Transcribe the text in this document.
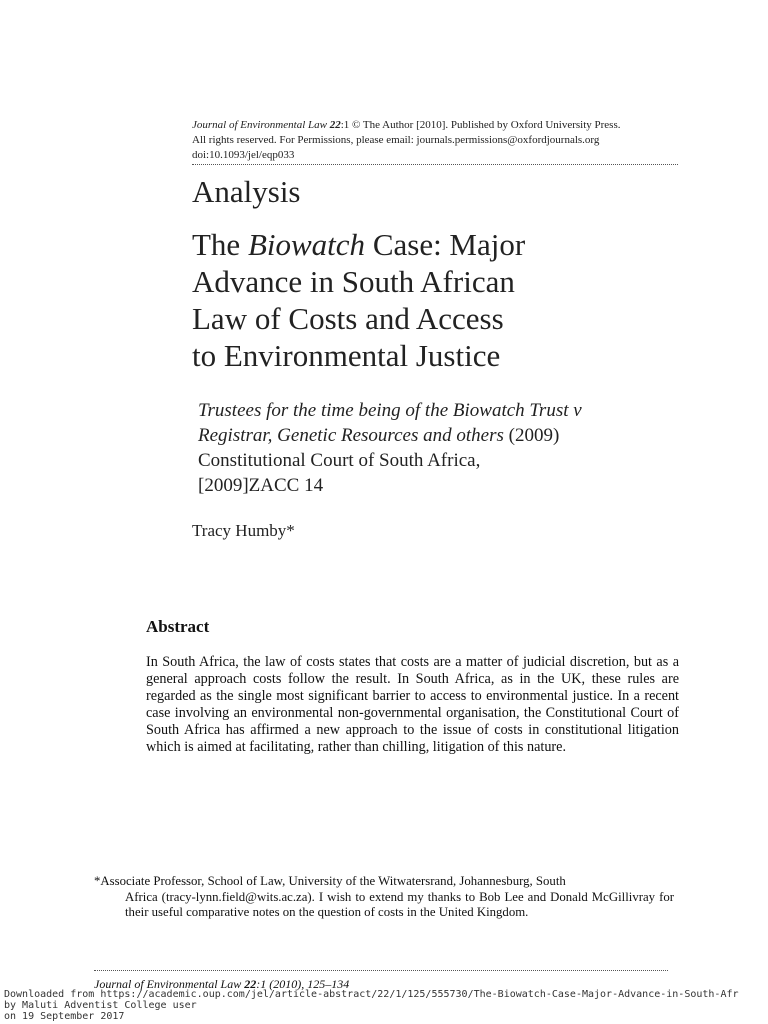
Journal of Environmental Law 22:1 © The Author [2010]. Published by Oxford University Press.
All rights reserved. For Permissions, please email: journals.permissions@oxfordjournals.org
doi:10.1093/jel/eqp033
Analysis
The Biowatch Case: Major
Advance in South African
Law of Costs and Access
to Environmental Justice
Trustees for the time being of the Biowatch Trust v
Registrar, Genetic Resources and others (2009)
Constitutional Court of South Africa,
[2009]ZACC 14
Tracy Humby*
Abstract
In South Africa, the law of costs states that costs are a matter of judicial discretion, but as a general approach costs follow the result. In South Africa, as in the UK, these rules are regarded as the single most significant barrier to access to environmental justice. In a recent case involving an environmental non-governmental organisation, the Constitutional Court of South Africa has affirmed a new approach to the issue of costs in constitutional litigation which is aimed at facilitating, rather than chilling, litigation of this nature.
*Associate Professor, School of Law, University of the Witwatersrand, Johannesburg, South
Africa (tracy-lynn.field@wits.ac.za). I wish to extend my thanks to Bob Lee and Donald McGillivray for their useful comparative notes on the question of costs in the United Kingdom.
Journal of Environmental Law 22:1 (2010), 125–134
Downloaded from https://academic.oup.com/jel/article-abstract/22/1/125/555730/The-Biowatch-Case-Major-Advance-in-South-Afr
by Maluti Adventist College user
on 19 September 2017
